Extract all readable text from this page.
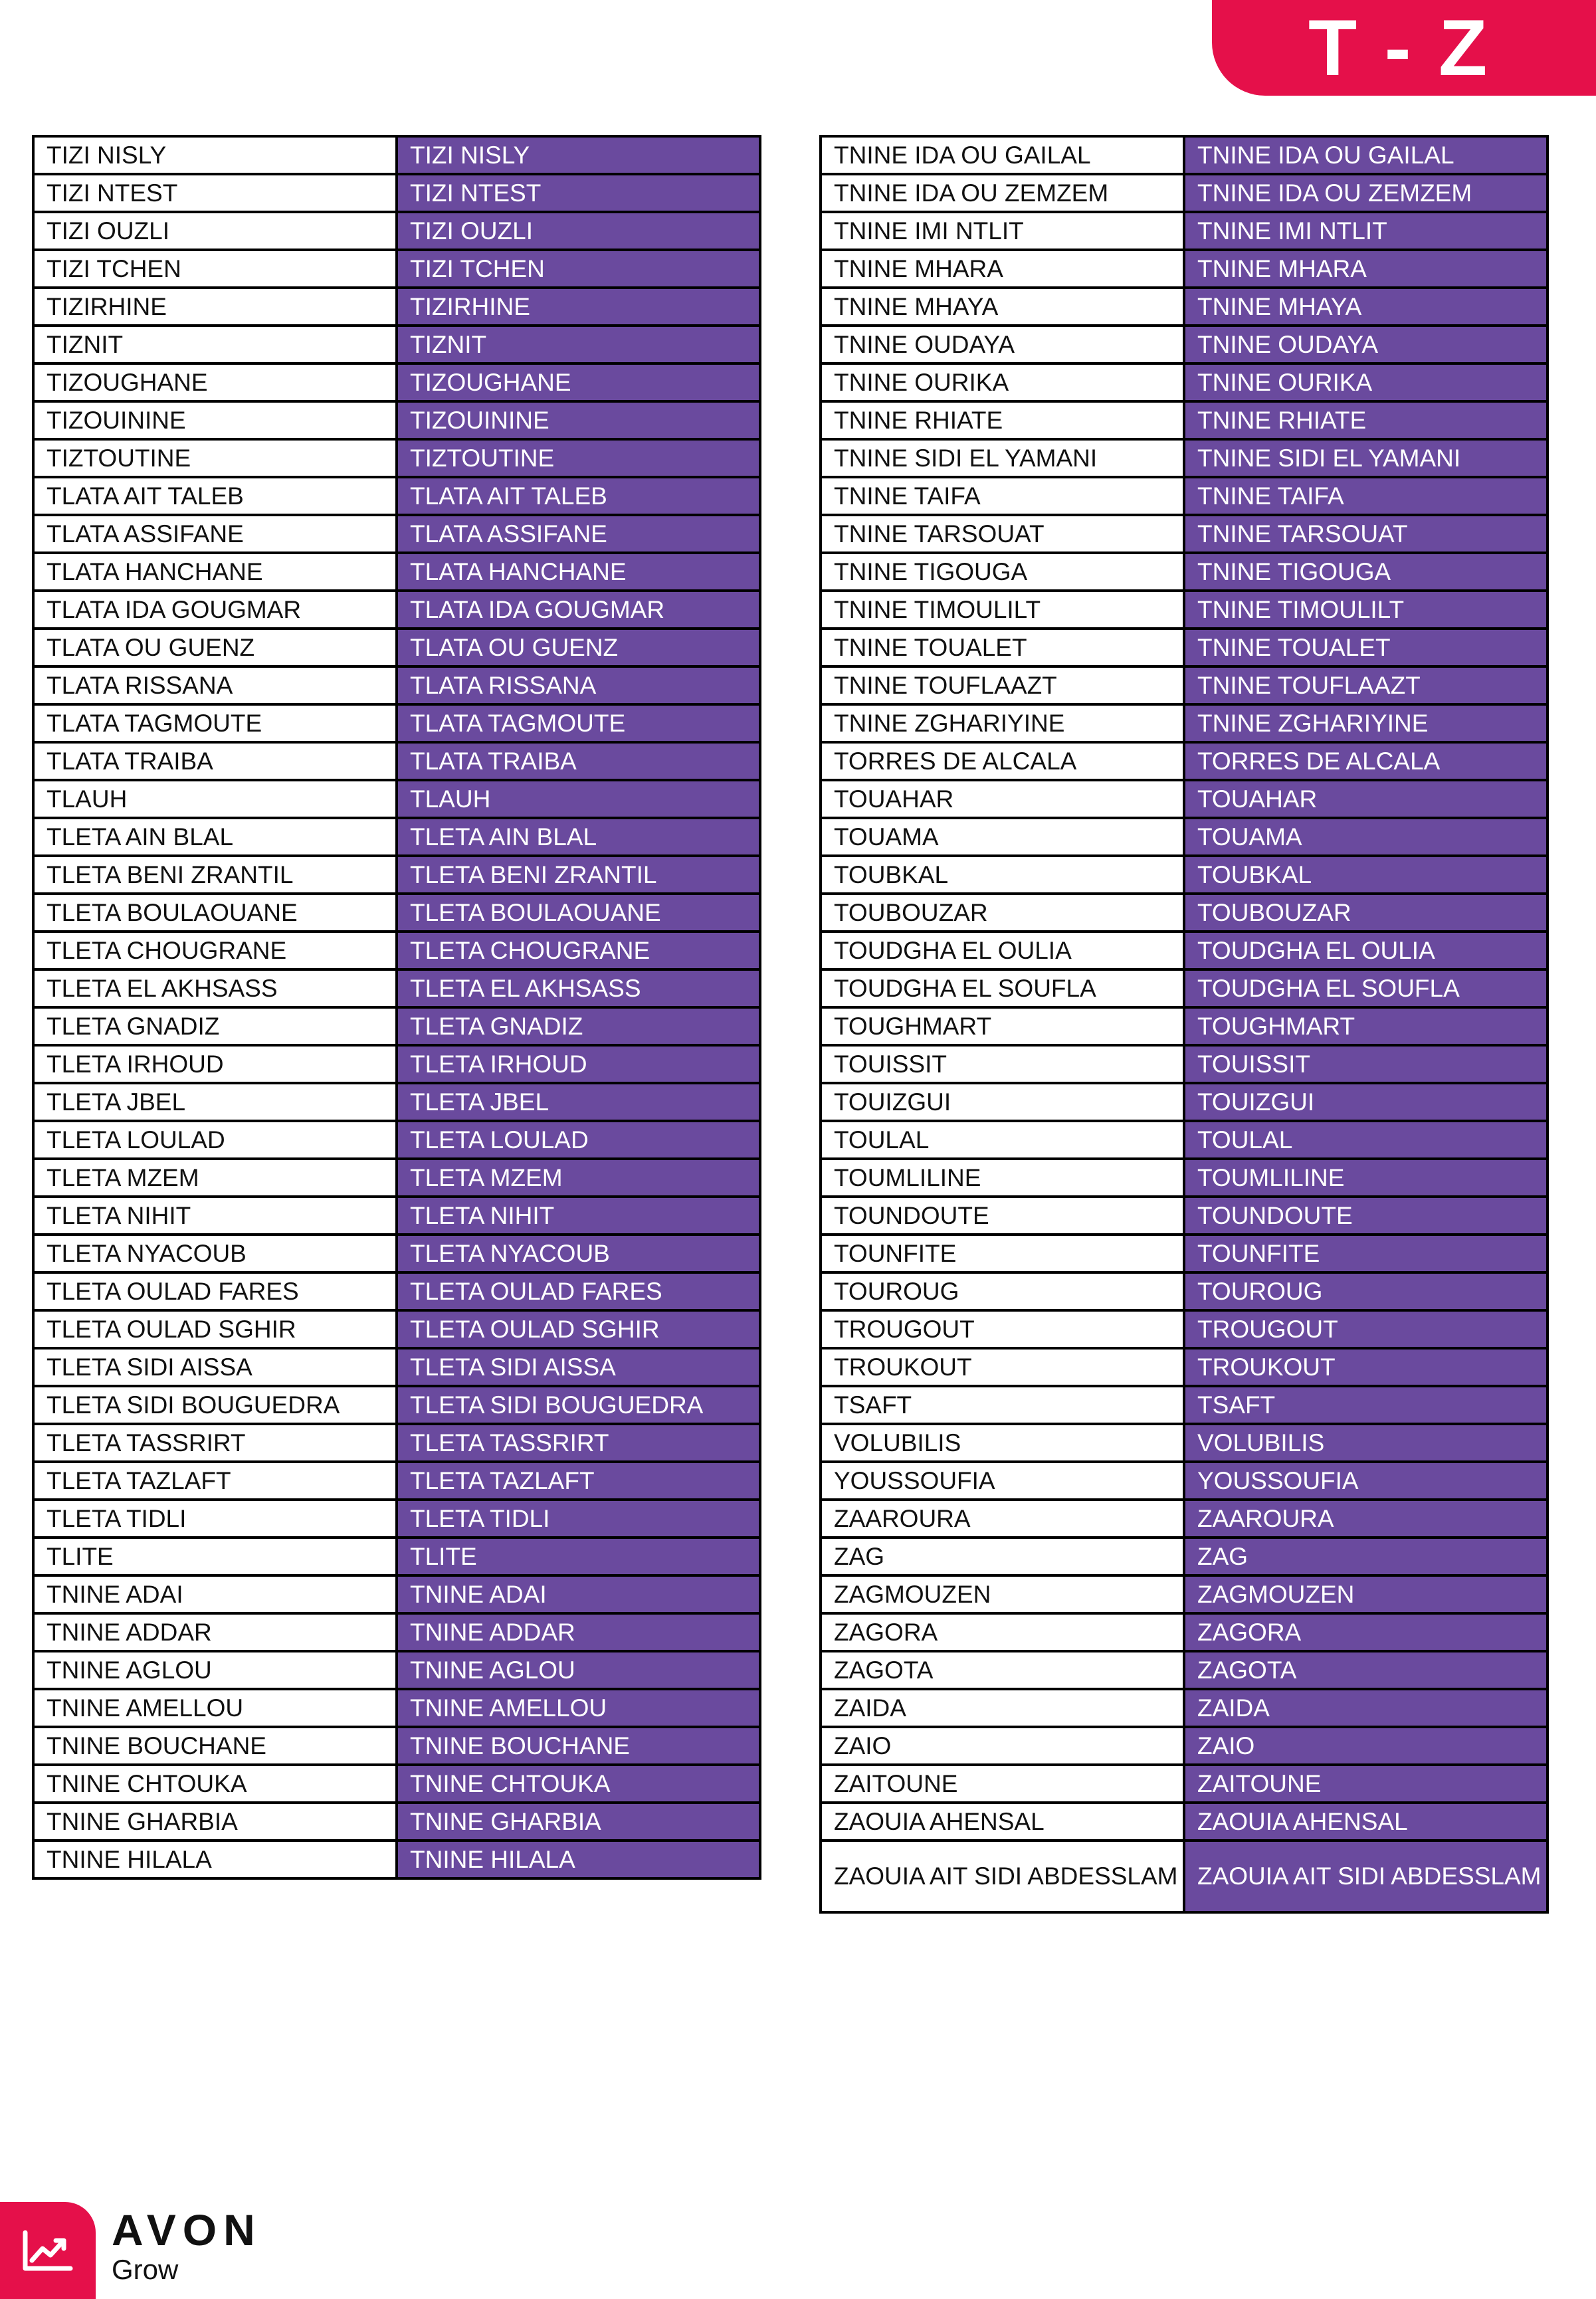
T - Z
TIZI NISLY	TIZI NISLY
TIZI NTEST	TIZI NTEST
TIZI OUZLI	TIZI OUZLI
TIZI TCHEN	TIZI TCHEN
TIZIRHINE	TIZIRHINE
TIZNIT	TIZNIT
TIZOUGHANE	TIZOUGHANE
TIZOUININE	TIZOUININE
TIZTOUTINE	TIZTOUTINE
TLATA AIT TALEB	TLATA AIT TALEB
TLATA ASSIFANE	TLATA ASSIFANE
TLATA HANCHANE	TLATA HANCHANE
TLATA IDA GOUGMAR	TLATA IDA GOUGMAR
TLATA OU GUENZ	TLATA OU GUENZ
TLATA RISSANA	TLATA RISSANA
TLATA TAGMOUTE	TLATA TAGMOUTE
TLATA TRAIBA	TLATA TRAIBA
TLAUH	TLAUH
TLETA AIN BLAL	TLETA AIN BLAL
TLETA BENI ZRANTIL	TLETA BENI ZRANTIL
TLETA BOULAOUANE	TLETA BOULAOUANE
TLETA CHOUGRANE	TLETA CHOUGRANE
TLETA EL AKHSASS	TLETA EL AKHSASS
TLETA GNADIZ	TLETA GNADIZ
TLETA IRHOUD	TLETA IRHOUD
TLETA JBEL	TLETA JBEL
TLETA LOULAD	TLETA LOULAD
TLETA MZEM	TLETA MZEM
TLETA NIHIT	TLETA NIHIT
TLETA NYACOUB	TLETA NYACOUB
TLETA OULAD FARES	TLETA OULAD FARES
TLETA OULAD SGHIR	TLETA OULAD SGHIR
TLETA SIDI AISSA	TLETA SIDI AISSA
TLETA SIDI BOUGUEDRA	TLETA SIDI BOUGUEDRA
TLETA TASSRIRT	TLETA TASSRIRT
TLETA TAZLAFT	TLETA TAZLAFT
TLETA TIDLI	TLETA TIDLI
TLITE	TLITE
TNINE ADAI	TNINE ADAI
TNINE ADDAR	TNINE ADDAR
TNINE AGLOU	TNINE AGLOU
TNINE AMELLOU	TNINE AMELLOU
TNINE BOUCHANE	TNINE BOUCHANE
TNINE CHTOUKA	TNINE CHTOUKA
TNINE GHARBIA	TNINE GHARBIA
TNINE HILALA	TNINE HILALA
TNINE IDA OU GAILAL	TNINE IDA OU GAILAL
TNINE IDA OU ZEMZEM	TNINE IDA OU ZEMZEM
TNINE IMI NTLIT	TNINE IMI NTLIT
TNINE MHARA	TNINE MHARA
TNINE MHAYA	TNINE MHAYA
TNINE OUDAYA	TNINE OUDAYA
TNINE OURIKA	TNINE OURIKA
TNINE RHIATE	TNINE RHIATE
TNINE SIDI EL YAMANI	TNINE SIDI EL YAMANI
TNINE TAIFA	TNINE TAIFA
TNINE TARSOUAT	TNINE TARSOUAT
TNINE TIGOUGA	TNINE TIGOUGA
TNINE TIMOULILT	TNINE TIMOULILT
TNINE TOUALET	TNINE TOUALET
TNINE TOUFLAAZT	TNINE TOUFLAAZT
TNINE ZGHARIYINE	TNINE ZGHARIYINE
TORRES DE ALCALA	TORRES DE ALCALA
TOUAHAR	TOUAHAR
TOUAMA	TOUAMA
TOUBKAL	TOUBKAL
TOUBOUZAR	TOUBOUZAR
TOUDGHA EL OULIA	TOUDGHA EL OULIA
TOUDGHA EL SOUFLA	TOUDGHA EL SOUFLA
TOUGHMART	TOUGHMART
TOUISSIT	TOUISSIT
TOUIZGUI	TOUIZGUI
TOULAL	TOULAL
TOUMLILINE	TOUMLILINE
TOUNDOUTE	TOUNDOUTE
TOUNFITE	TOUNFITE
TOUROUG	TOUROUG
TROUGOUT	TROUGOUT
TROUKOUT	TROUKOUT
TSAFT	TSAFT
VOLUBILIS	VOLUBILIS
YOUSSOUFIA	YOUSSOUFIA
ZAAROURA	ZAAROURA
ZAG	ZAG
ZAGMOUZEN	ZAGMOUZEN
ZAGORA	ZAGORA
ZAGOTA	ZAGOTA
ZAIDA	ZAIDA
ZAIO	ZAIO
ZAITOUNE	ZAITOUNE
ZAOUIA AHENSAL	ZAOUIA AHENSAL
ZAOUIA AIT SIDI ABDESSLAM	ZAOUIA AIT SIDI ABDESSLAM
AVON
Grow
